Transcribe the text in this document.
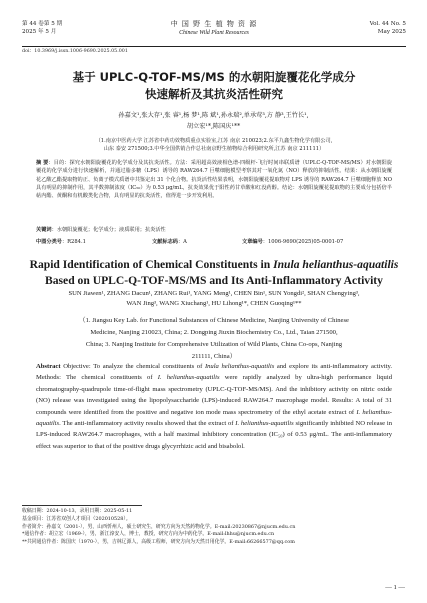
第 44 卷第 5 期
2025 年 5 月
中 国 野 生 植 物 资 源
Chinese Wild Plant Resources
Vol. 44 No. 5
May 2025
doi：10.3969/j.issn.1006-9690.2025.05.001
基于 UPLC-Q-TOF-MS/MS 的水朝阳旋覆花化学成分
快速解析及其抗炎活性研究
孙嘉文¹,张大存¹,张 睿¹,杨 梦¹,陈 斌¹,孙永瑞²,单承莺³,方 静³,王竹长¹,
胡立宏¹*,陈国庆¹**
（1.南京中医药大学 江苏省中药功效物质重点实验室,江苏 南京 210023;2.东平九鑫生物化学有限公司,
山东 泰安 271500;3.中华全国供销合作总社南京野生植物综合利用研究所,江苏 南京 211111）
摘 要：目的：探究水朝阳旋覆花的化学成分及其抗炎活性。方法：采用超高效液相色谱-四级杆-飞行时间串联质谱（UPLC-Q-TOF-MS/MS）对水朝阳旋覆花的化学成分进行快速解析，并通过脂多糖（LPS）诱导的 RAW264.7 巨噬细胞模型考察其对一氧化氮（NO）释放的抑制活性。结果：从水朝阳旋覆花乙酸乙酯提取物的正、负离子模式质谱中共鉴定出 31 个化合物。抗炎活性结果表明，水朝阳旋覆花提取物对 LPS 诱导的 RAW264.7 巨噬细胞释放 NO 具有明显的抑制作用，其半数抑制浓度（IC₅₀）为 0.53 μg/mL，抗炎效果优于阳性药甘草酸和红没药醇。结论：水朝阳旋覆花提取物的主要成分包括倍半萜内酯、黄酮和有机酸类化合物，具有明显的抗炎活性，值得进一步开发利用。
关键词：水朝阳旋覆花；化学成分；液质联用；抗炎活性
中图分类号：R284.1	文献标志码：A	文章编号：1006-9690(2025)05-0001-07
Rapid Identification of Chemical Constituents in Inula helianthus-aquatilis
Based on UPLC-Q-TOF-MS/MS and Its Anti-Inflammatory Activity
SUN Jiawen¹, ZHANG Dacun¹, ZHANG Rui¹, YANG Meng¹, CHEN Bin¹, SUN Yongdi², SHAN Chengying³,
WAN Jing³, WANG Xiuchang¹, HU Lihong¹*, CHEN Guoqing¹**
（1. Jiangsu Key Lab. for Functional Substances of Chinese Medicine, Nanjing University of Chinese
Medicine, Nanjing 210023, China; 2. Dongping Jiuxin Biochemistry Co., Ltd., Taian 271500,
China; 3. Nanjing Institute for Comprehensive Utilization of Wild Plants, China Co-ops, Nanjing
211111, China）
Abstract Objective: To analyze the chemical constituents of Inula helianthus-aquatilis and explore its anti-inflammatory activity. Methods: The chemical constituents of I. helianthus-aquatilis were rapidly analyzed by ultra-high performance liquid chromatography-quadrupole time-of-flight mass spectrometry (UPLC-Q-TOF-MS/MS). And the inhibitory activity on nitric oxide (NO) release was investigated using the lipopolysaccharide (LPS)-induced RAW264.7 macrophage model. Results: A total of 31 compounds were identified from the positive and negative ion mode mass spectrometry of the ethyl acetate extract of I. helianthus-aquatilis. The anti-inflammatory activity results showed that the extract of I. helianthus-aquatilis significantly inhibited NO release in LPS-induced RAW264.7 macrophages, with a half maximal inhibitory concentration (IC₅₀) of 0.53 μg/mL. The anti-inflammatory effect was superior to that of the positive drugs glycyrrhizic acid and bisabolol.
收稿日期：2024-10-13，录用日期：2025-05-11
基金项目：江苏省双创人才项目（202010528）。
作者简介：孙嘉文（2001-），男，山西忻州人，硕士研究生，研究方向为天然药物化学。E-mail:20230867@njucm.edu.cn
*通信作者：胡立宏（1969-），男，浙江淳安人，博士，教授，研究方向为中药化学。E-mail:lhhu@njucm.edu.cn
**共同通信作者：陈国庆（1970-），男，吉林辽源人，高级工程师，研究方向为天然日用化学。E-mail:66266577@qq.com
— 1 —
